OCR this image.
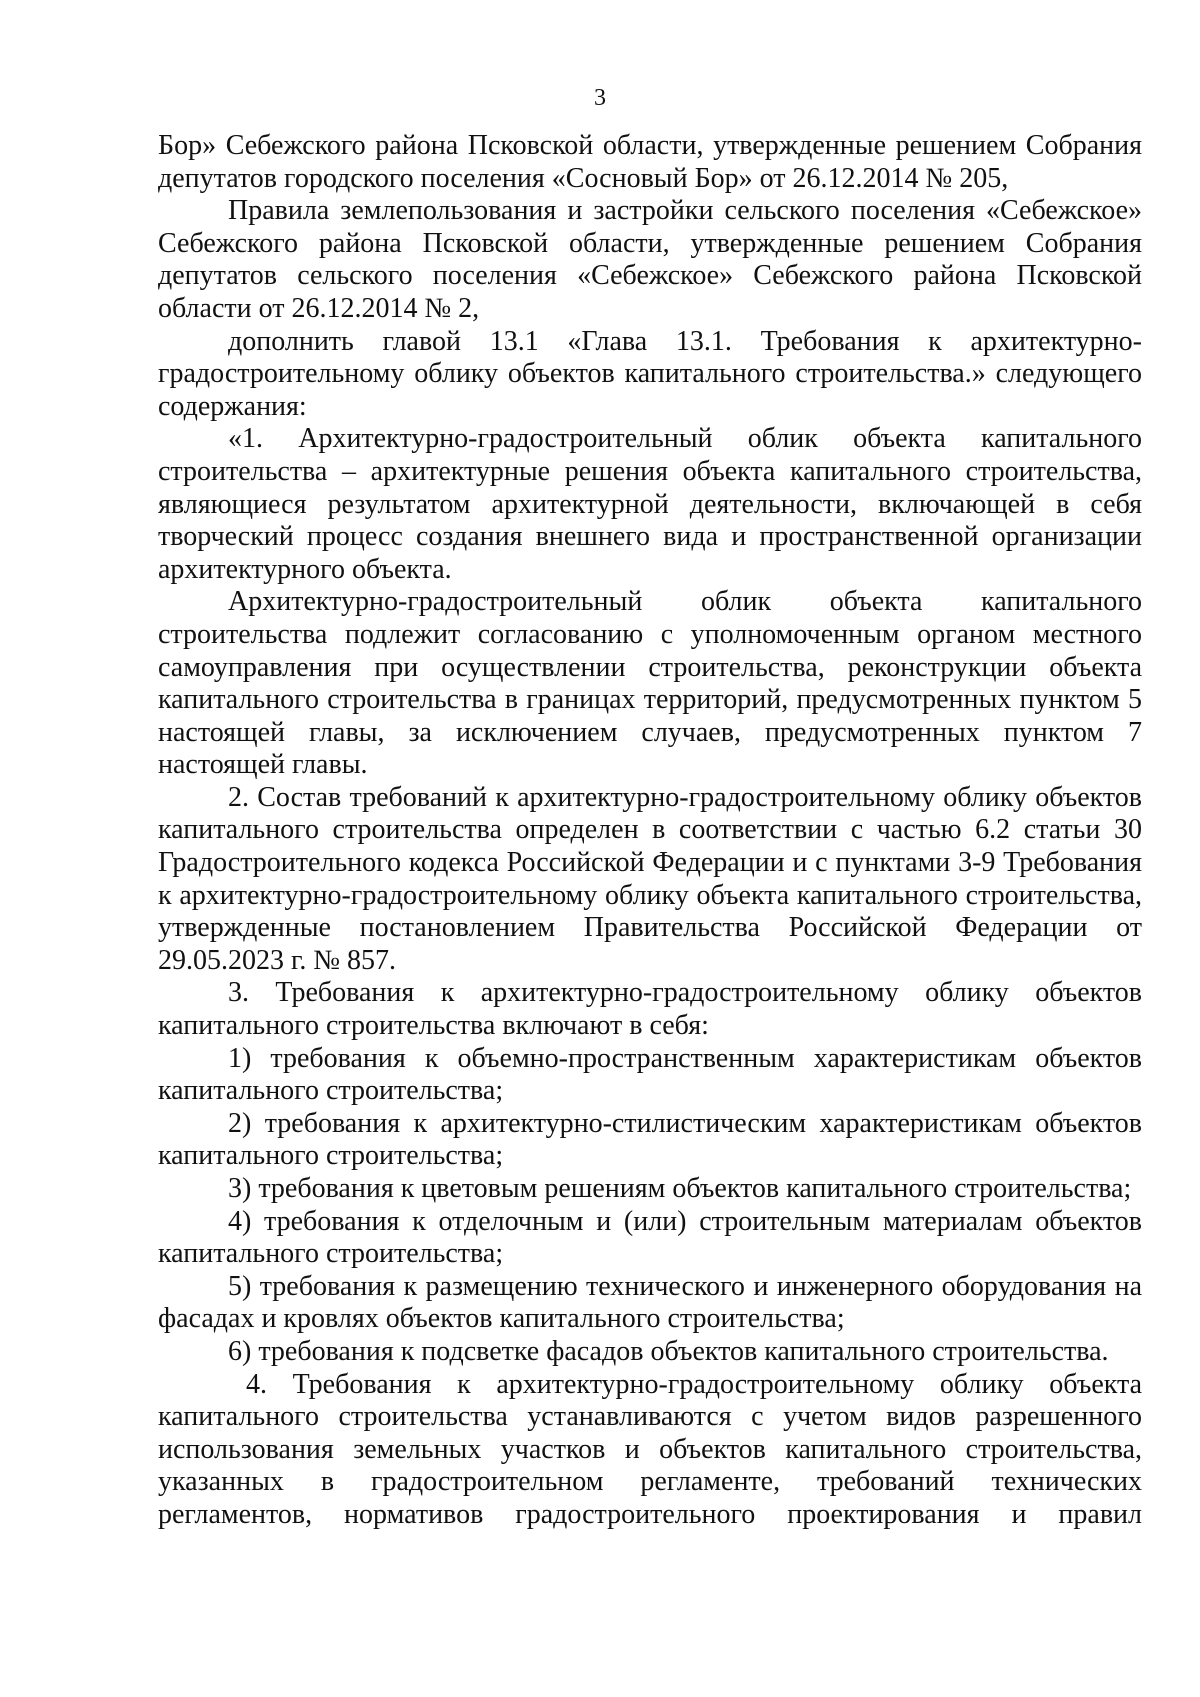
3

Бор» Себежского района Псковской области, утвержденные решением Собрания депутатов городского поселения «Сосновый Бор» от 26.12.2014 № 205,

Правила землепользования и застройки сельского поселения «Себежское» Себежского района Псковской области, утвержденные решением Собрания депутатов сельского поселения «Себежское» Себежского района Псковской области от 26.12.2014 № 2,

дополнить главой 13.1 «Глава 13.1. Требования к архитектурно-градостроительному облику объектов капитального строительства.» следующего содержания:

«1. Архитектурно-градостроительный облик объекта капитального строительства – архитектурные решения объекта капитального строительства, являющиеся результатом архитектурной деятельности, включающей в себя творческий процесс создания внешнего вида и пространственной организации архитектурного объекта.

Архитектурно-градостроительный облик объекта капитального строительства подлежит согласованию с уполномоченным органом местного самоуправления при осуществлении строительства, реконструкции объекта капитального строительства в границах территорий, предусмотренных пунктом 5 настоящей главы, за исключением случаев, предусмотренных пунктом 7 настоящей главы.

2. Состав требований к архитектурно-градостроительному облику объектов капитального строительства определен в соответствии с частью 6.2 статьи 30 Градостроительного кодекса Российской Федерации и с пунктами 3-9 Требования к архитектурно-градостроительному облику объекта капитального строительства, утвержденные постановлением Правительства Российской Федерации от 29.05.2023 г. № 857.

3. Требования к архитектурно-градостроительному облику объектов капитального строительства включают в себя:

1) требования к объемно-пространственным характеристикам объектов капитального строительства;

2) требования к архитектурно-стилистическим характеристикам объектов капитального строительства;

3) требования к цветовым решениям объектов капитального строительства;

4) требования к отделочным и (или) строительным материалам объектов капитального строительства;

5) требования к размещению технического и инженерного оборудования на фасадах и кровлях объектов капитального строительства;

6) требования к подсветке фасадов объектов капитального строительства.

4. Требования к архитектурно-градостроительному облику объекта капитального строительства устанавливаются с учетом видов разрешенного использования земельных участков и объектов капитального строительства, указанных в градостроительном регламенте, требований технических регламентов, нормативов градостроительного проектирования и правил
